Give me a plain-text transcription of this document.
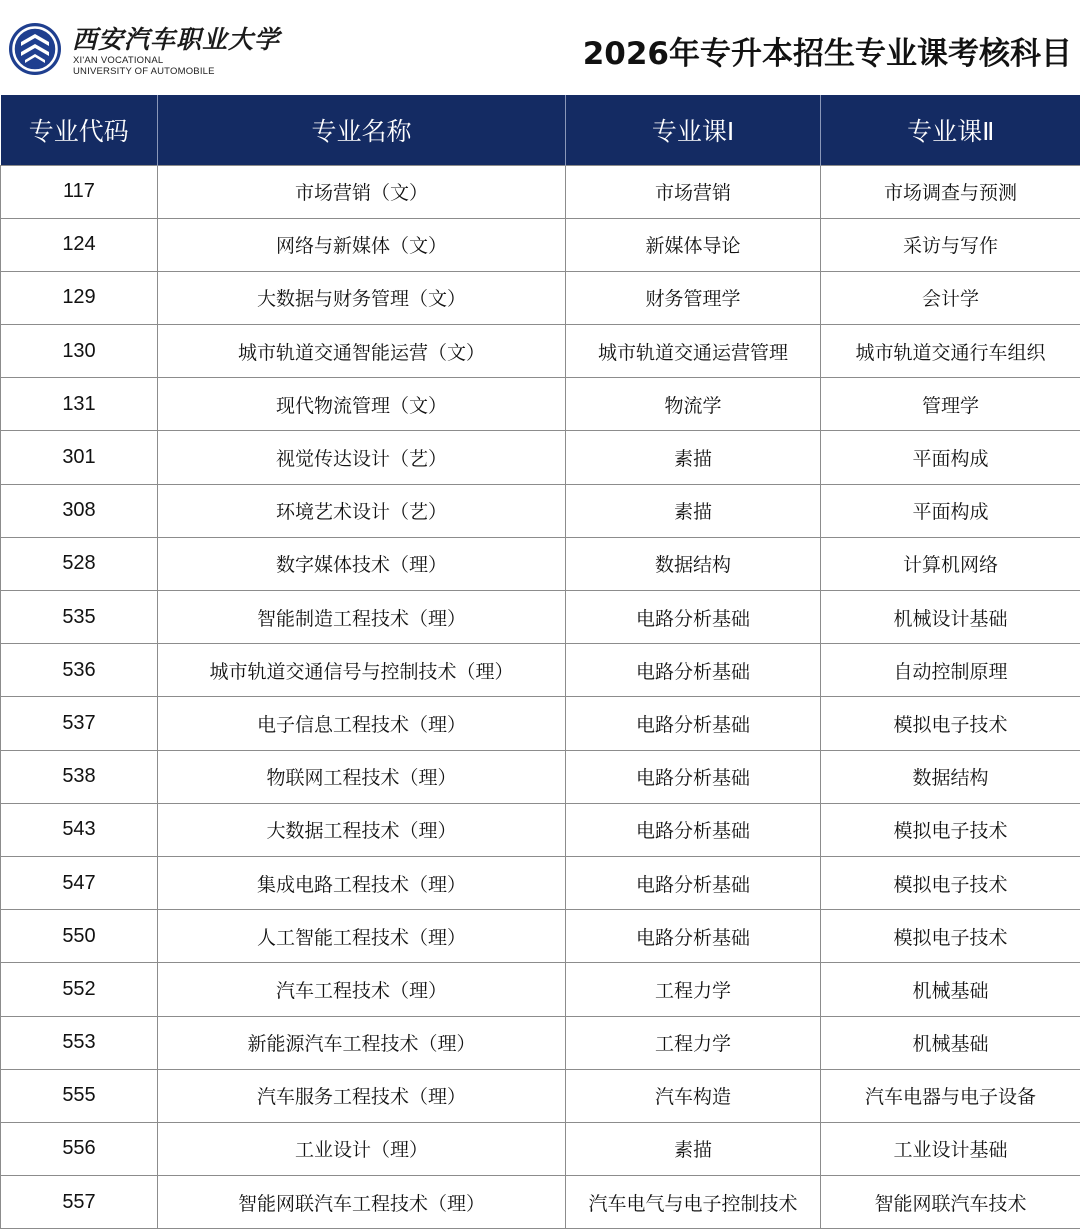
西安汽车职业大学
XI'AN VOCATIONAL
UNIVERSITY OF AUTOMOBILE	2026年专升本招生专业课考核科目
专业代码	专业名称	专业课Ⅰ	专业课Ⅱ
117	市场营销（文）	市场营销	市场调查与预测
124	网络与新媒体（文）	新媒体导论	采访与写作
129	大数据与财务管理（文）	财务管理学	会计学
130	城市轨道交通智能运营（文）	城市轨道交通运营管理	城市轨道交通行车组织
131	现代物流管理（文）	物流学	管理学
301	视觉传达设计（艺）	素描	平面构成
308	环境艺术设计（艺）	素描	平面构成
528	数字媒体技术（理）	数据结构	计算机网络
535	智能制造工程技术（理）	电路分析基础	机械设计基础
536	城市轨道交通信号与控制技术（理）	电路分析基础	自动控制原理
537	电子信息工程技术（理）	电路分析基础	模拟电子技术
538	物联网工程技术（理）	电路分析基础	数据结构
543	大数据工程技术（理）	电路分析基础	模拟电子技术
547	集成电路工程技术（理）	电路分析基础	模拟电子技术
550	人工智能工程技术（理）	电路分析基础	模拟电子技术
552	汽车工程技术（理）	工程力学	机械基础
553	新能源汽车工程技术（理）	工程力学	机械基础
555	汽车服务工程技术（理）	汽车构造	汽车电器与电子设备
556	工业设计（理）	素描	工业设计基础
557	智能网联汽车工程技术（理）	汽车电气与电子控制技术	智能网联汽车技术
